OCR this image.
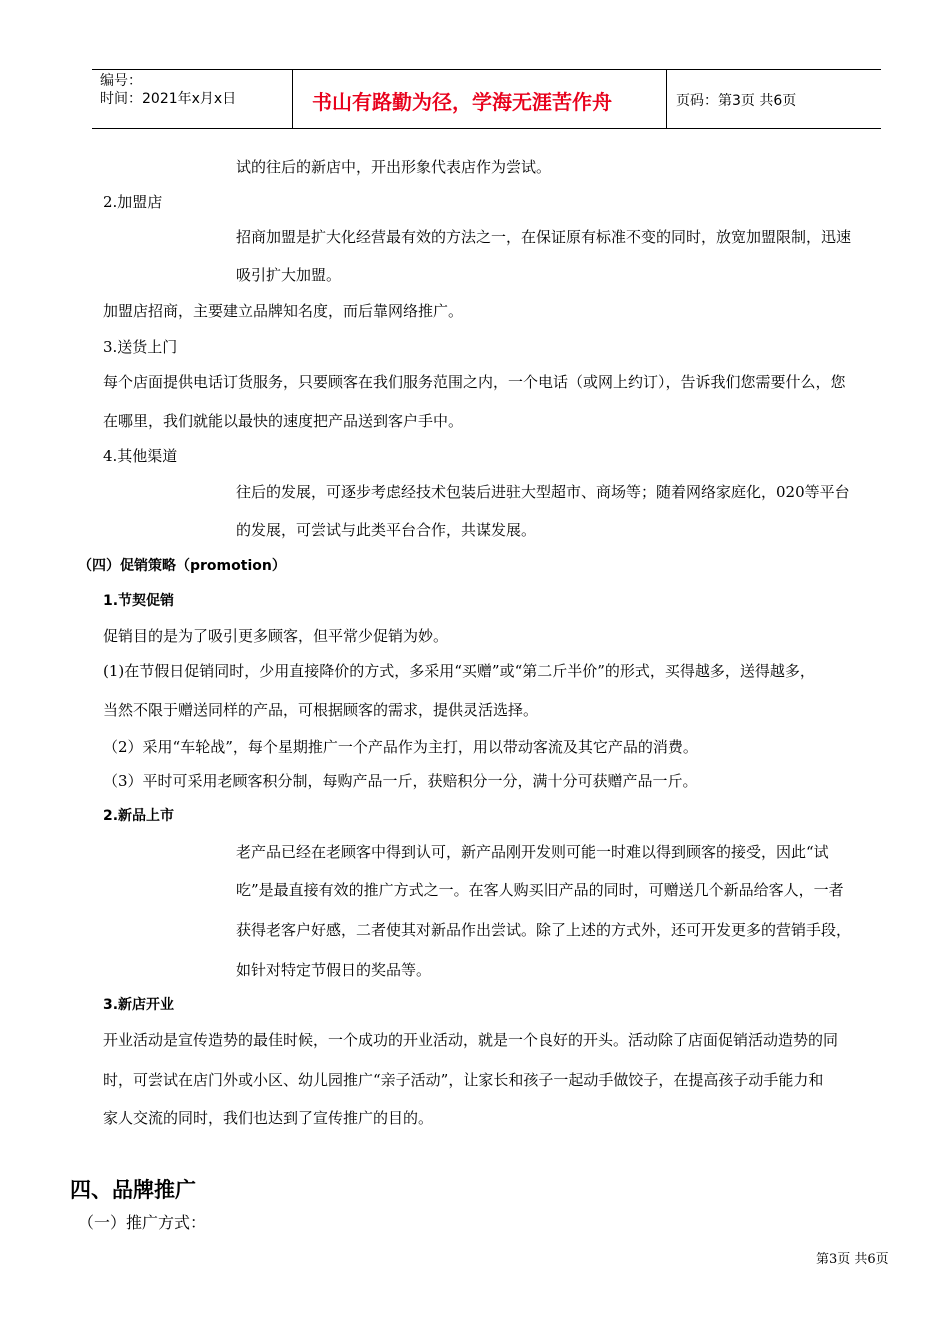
编号：
时间：2021年x月x日	书山有路勤为径，学海无涯苦作舟	页码：第3页 共6页
试的往后的新店中，开出形象代表店作为尝试。
2.加盟店
招商加盟是扩大化经营最有效的方法之一，在保证原有标准不变的同时，放宽加盟限制，迅速
吸引扩大加盟。
加盟店招商，主要建立品牌知名度，而后靠网络推广。
3.送货上门
每个店面提供电话订货服务，只要顾客在我们服务范围之内，一个电话（或网上约订），告诉我们您需要什么，您
在哪里，我们就能以最快的速度把产品送到客户手中。
4.其他渠道
往后的发展，可逐步考虑经技术包装后进驻大型超市、商场等；随着网络家庭化，020等平台
的发展，可尝试与此类平台合作，共谋发展。
（四）促销策略（promotion）
1.节契促销
促销目的是为了吸引更多顾客，但平常少促销为妙。
(1)在节假日促销同时，少用直接降价的方式，多采用“买赠”或“第二斤半价”的形式，买得越多，送得越多，
当然不限于赠送同样的产品，可根据顾客的需求，提供灵活选择。
（2）采用“车轮战”，每个星期推广一个产品作为主打，用以带动客流及其它产品的消费。
（3）平时可采用老顾客积分制，每购产品一斤，获赔积分一分，满十分可获赠产品一斤。
2.新品上市
老产品已经在老顾客中得到认可，新产品刚开发则可能一时难以得到顾客的接受，因此“试
吃”是最直接有效的推广方式之一。在客人购买旧产品的同时，可赠送几个新品给客人，一者
获得老客户好感，二者使其对新品作出尝试。除了上述的方式外，还可开发更多的营销手段，
如针对特定节假日的奖品等。
3.新店开业
开业活动是宣传造势的最佳时候，一个成功的开业活动，就是一个良好的开头。活动除了店面促销活动造势的同
时，可尝试在店门外或小区、幼儿园推广“亲子活动”，让家长和孩子一起动手做饺子，在提高孩子动手能力和
家人交流的同时，我们也达到了宣传推广的目的。
四、品牌推广
（一）推广方式：
第3页 共6页
